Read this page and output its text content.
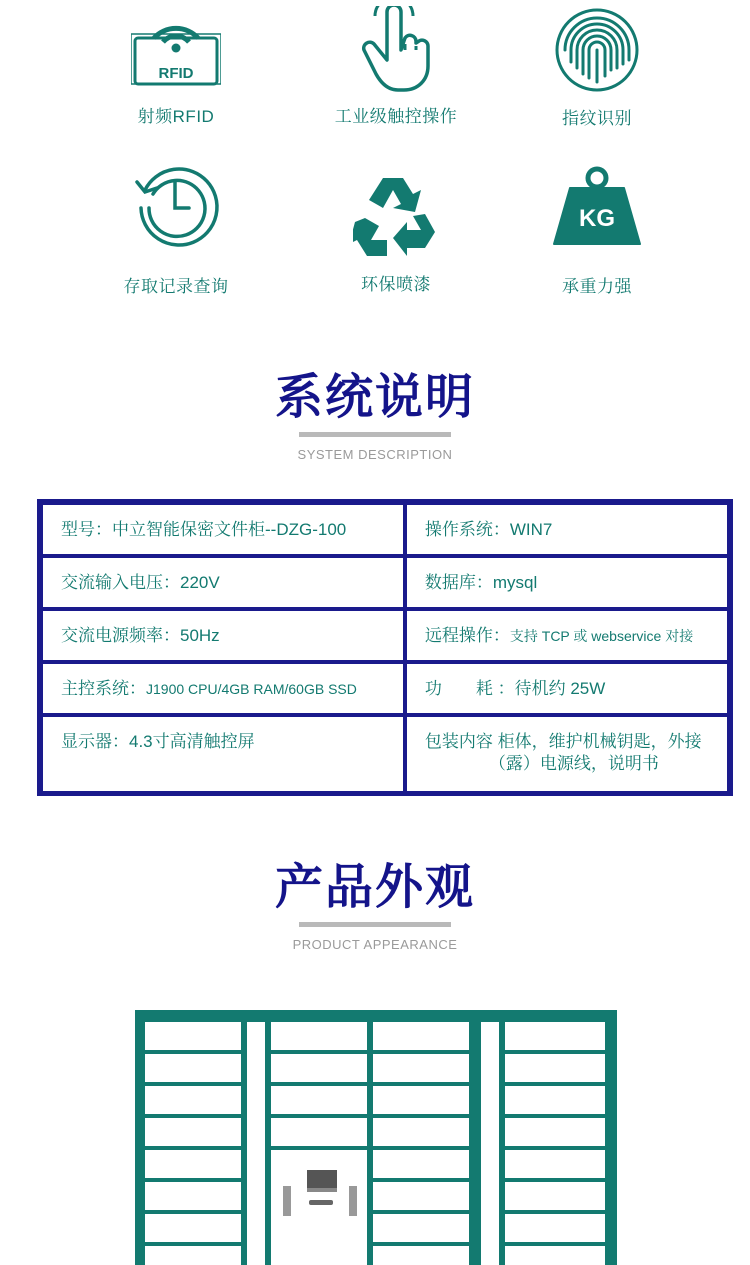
RFID
射频RFID	工业级触控操作	指纹识别
存取记录查询	环保喷漆
KG
承重力强
系统说明
SYSTEM DESCRIPTION
型号：中立智能保密文件柜--DZG-100	操作系统：WIN7
交流输入电压：220V	数据库：mysql
交流电源频率：50Hz	远程操作：支持 TCP 或 webservice 对接
主控系统：J1900 CPU/4GB RAM/60GB SSD	功　　耗 ：待机约 25W
显示器：4.3寸高清触控屏	包装内容 柜体，维护机械钥匙，外接
（露）电源线，说明书
产品外观
PRODUCT APPEARANCE
